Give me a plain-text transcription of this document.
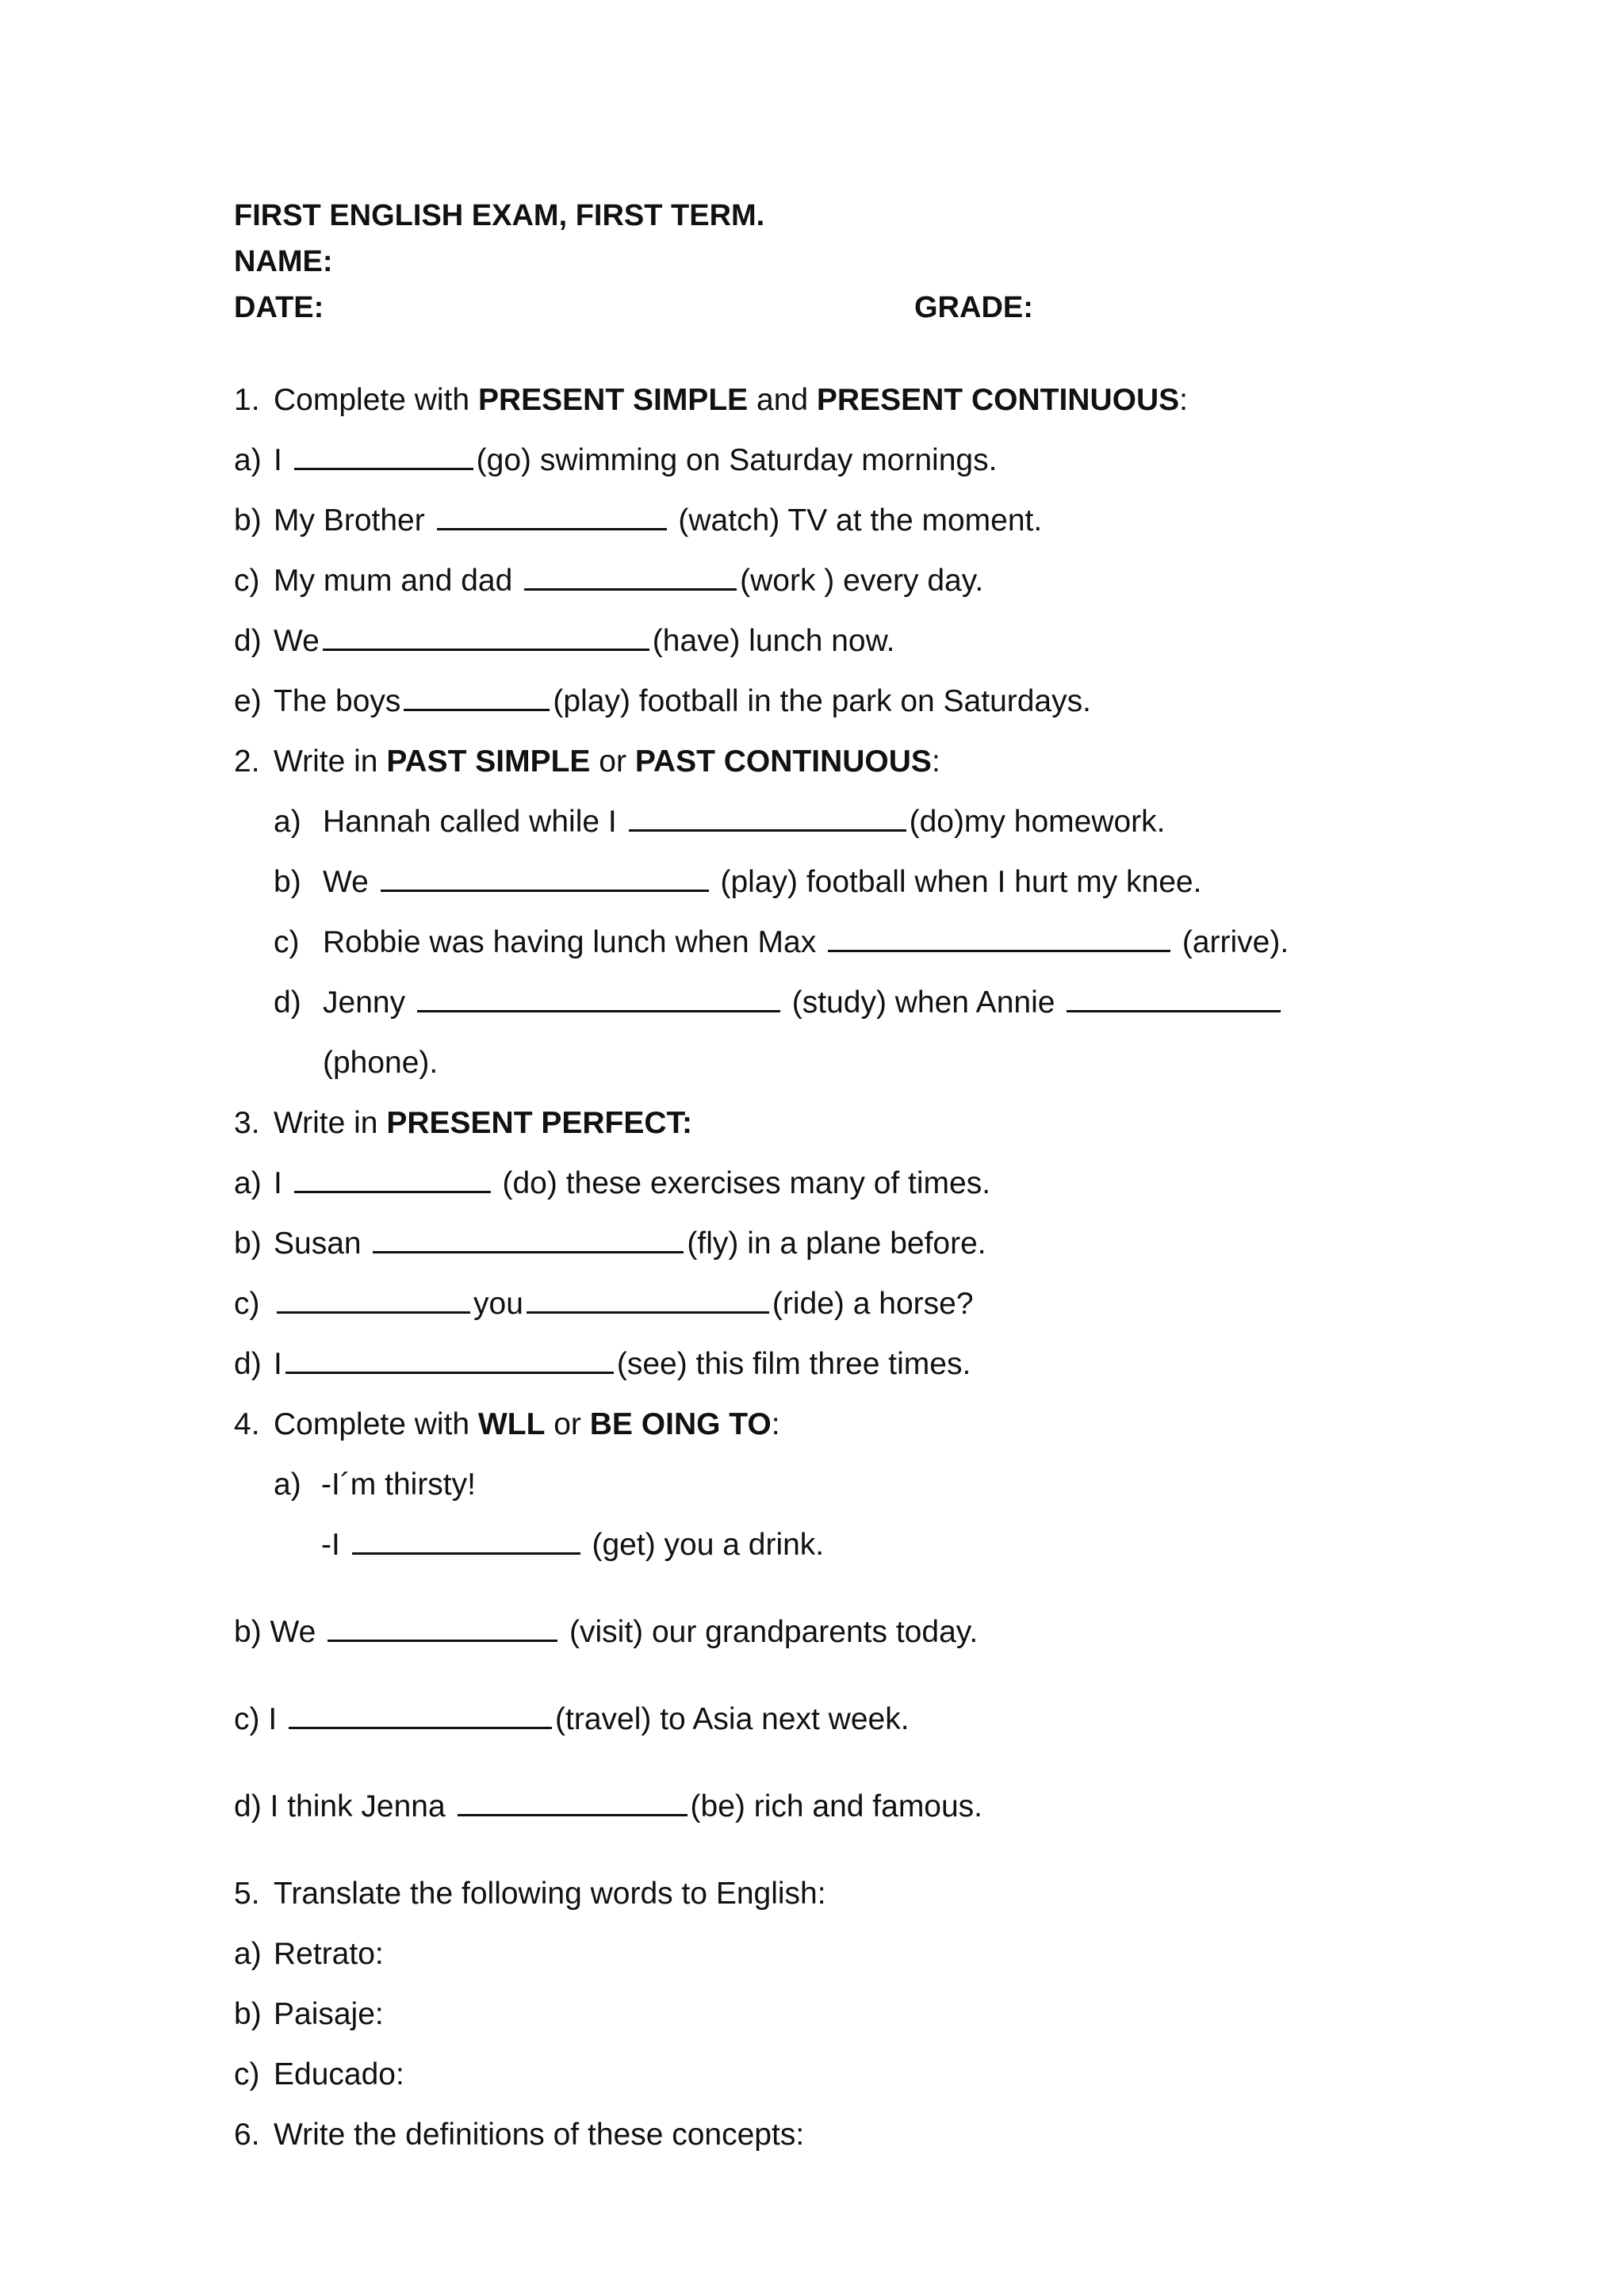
FIRST ENGLISH EXAM, FIRST TERM.
NAME:
DATE:	GRADE:
1. Complete with PRESENT SIMPLE and PRESENT CONTINUOUS:
a) I	(go) swimming on Saturday mornings.
b) My Brother	(watch) TV at the moment.
c) My mum and dad	(work ) every day.
d) We	(have) lunch now.
e) The boys	(play) football in the park on Saturdays.
2. Write in PAST SIMPLE or PAST CONTINUOUS:
a) Hannah called while I	(do)my homework.
b) We	(play) football when I hurt my knee.
c) Robbie was having lunch when Max	(arrive).
d) Jenny	(study) when Annie
(phone).
3. Write in PRESENT PERFECT:
a) I	(do) these exercises many of times.
b) Susan	(fly) in a plane before.
c)	you	(ride) a horse?
d) I	(see) this film three times.
4. Complete with WLL or BE OING TO:
a) -I´m thirsty!
-I	(get) you a drink.
b) We	(visit) our grandparents today.
c) I	(travel) to Asia next week.
d) I think Jenna	(be) rich and famous.
5. Translate the following words to English:
a) Retrato:
b) Paisaje:
c) Educado:
6. Write the definitions of these concepts:
